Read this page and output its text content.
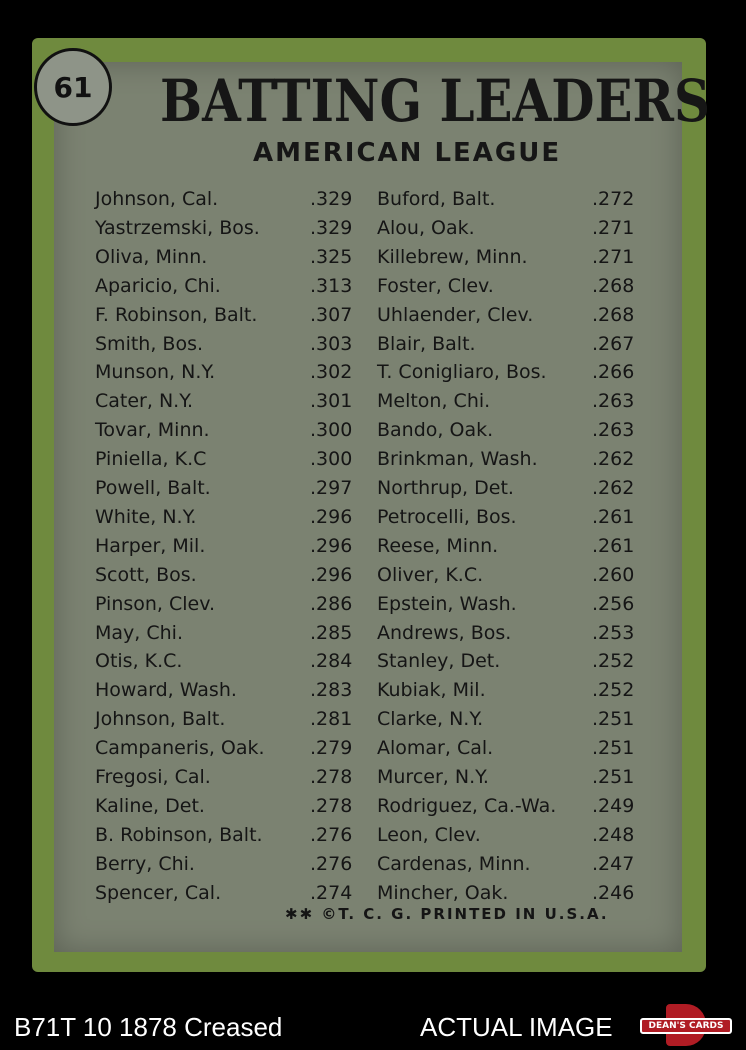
61	BATTING LEADERS
AMERICAN LEAGUE
Johnson, Cal.	.329 Buford, Balt.	.272
Yastrzemski, Bos.	.329 Alou, Oak.	.271
Oliva, Minn.	.325 Killebrew, Minn.	.271
Aparicio, Chi.	.313 Foster, Clev.	.268
F. Robinson, Balt.	.307 Uhlaender, Clev.	.268
Smith, Bos.	.303 Blair, Balt.	.267
Munson, N.Y.	.302 T. Conigliaro, Bos. .266
Cater, N.Y.	.301 Melton, Chi.	.263
Tovar, Minn.	.300 Bando, Oak.	.263
Piniella, K.C	.300 Brinkman, Wash.	.262
Powell, Balt.	.297 Northrup, Det.	.262
White, N.Y.	.296 Petrocelli, Bos.	.261
Harper, Mil.	.296 Reese, Minn.	.261
Scott, Bos.	.296 Oliver, K.C.	.260
Pinson, Clev.	.286 Epstein, Wash.	.256
May, Chi.	.285 Andrews, Bos.	.253
Otis, K.C.	.284 Stanley, Det.	.252
Howard, Wash.	.283 Kubiak, Mil.	.252
Johnson, Balt.	.281 Clarke, N.Y.	.251
Campaneris, Oak. .279 Alomar, Cal.	.251
Fregosi, Cal.	.278 Murcer, N.Y.	.251
Kaline, Det.	.278 Rodriguez, Ca.-Wa. .249
B. Robinson, Balt. .276 Leon, Clev.	.248
Berry, Chi.	.276 Cardenas, Minn.	.247
Spencer, Cal.	.274 Mincher, Oak.	.246
✱✱ ©T. C. G. PRINTED IN U.S.A.
B71T 10 1878 Creased	ACTUAL IMAGE	DEAN'S CARDS
